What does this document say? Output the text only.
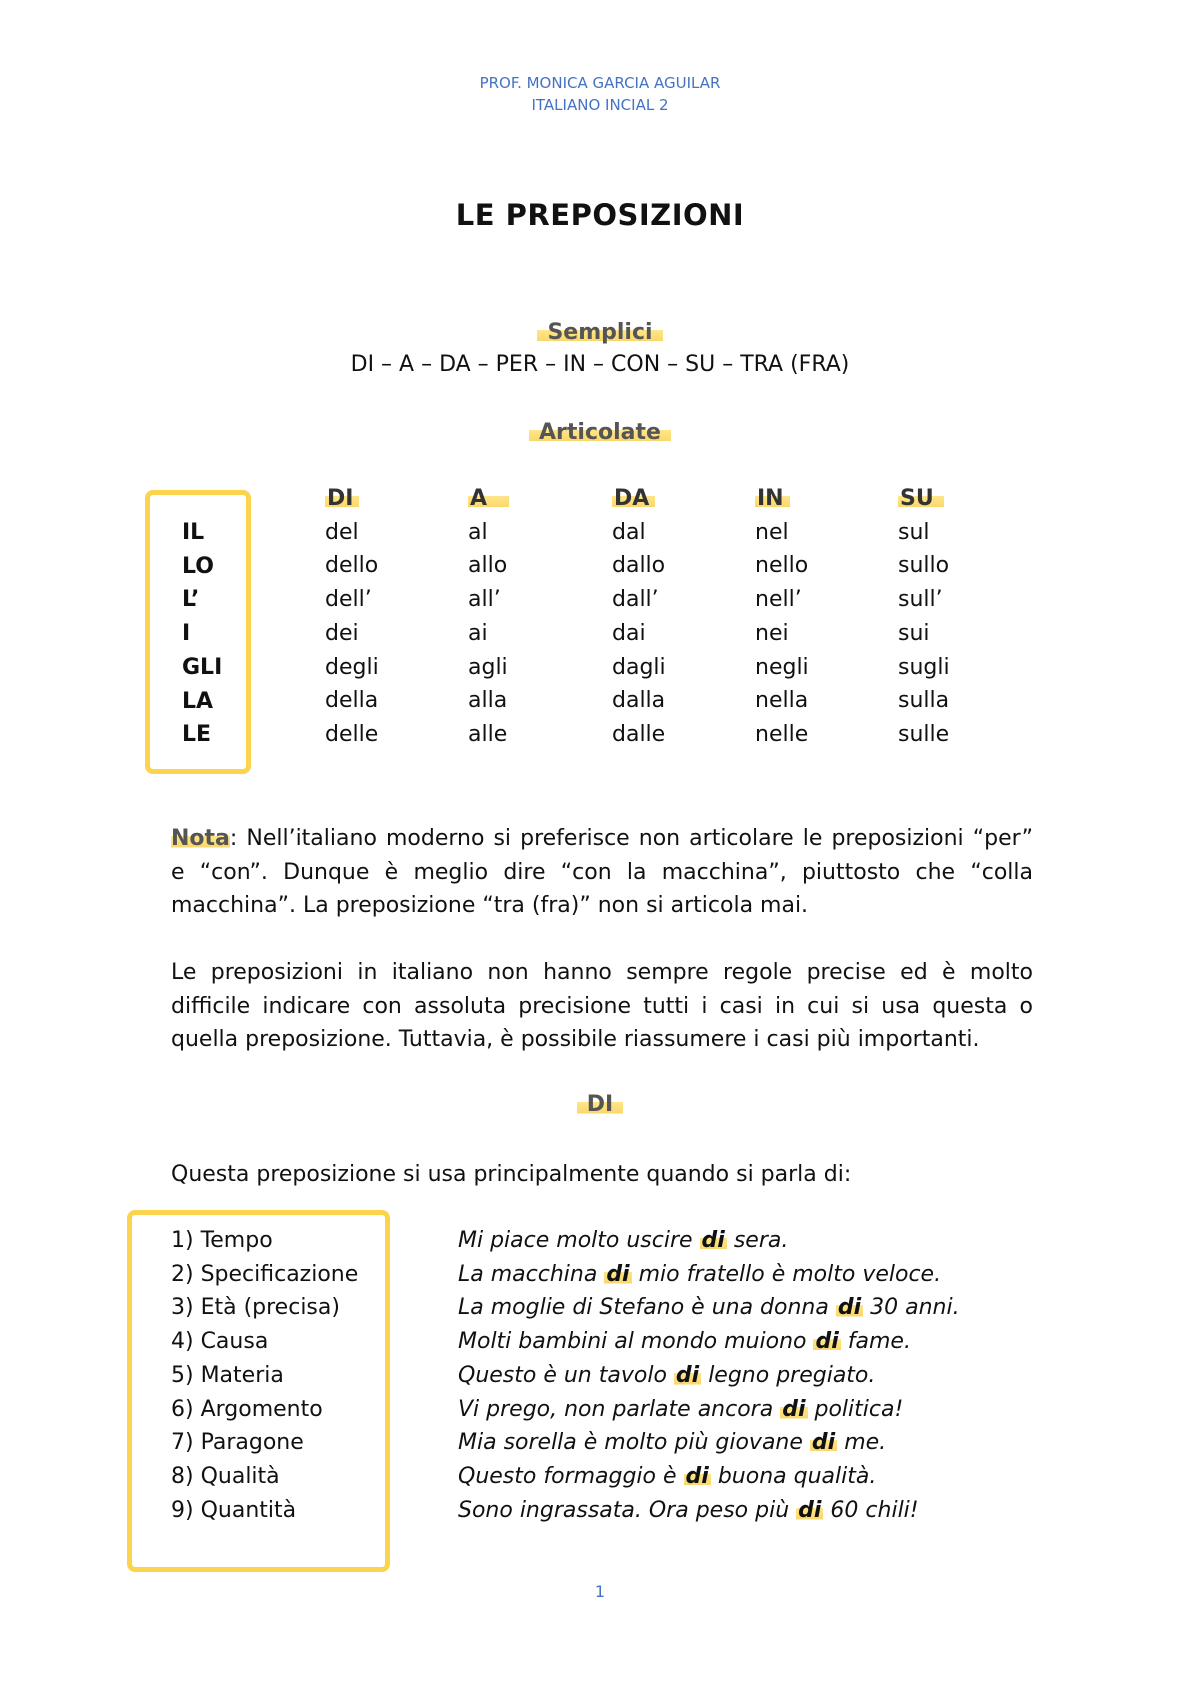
PROF. MONICA GARCIA AGUILAR
ITALIANO INCIAL 2
LE PREPOSIZIONI
Semplici
DI – A – DA – PER – IN – CON – SU – TRA (FRA)
Articolate
IL
LO
L’
I
GLI
LA
LE
DI
del
dello
dell’
dei
degli
della
delle
A
al
allo
all’
ai
agli
alla
alle
DA
dal
dallo
dall’
dai
dagli
dalla
dalle
IN
nel
nello
nell’
nei
negli
nella
nelle
SU
sul
sullo
sull’
sui
sugli
sulla
sulle
Nota: Nell’italiano moderno si preferisce non articolare le preposizioni “per” e “con”. Dunque è meglio dire “con la macchina”, piuttosto che “colla macchina”. La preposizione “tra (fra)” non si articola mai.
Le preposizioni in italiano non hanno sempre regole precise ed è molto difficile indicare con assoluta precisione tutti i casi in cui si usa questa o quella preposizione. Tuttavia, è possibile riassumere i casi più importanti.
DI
Questa preposizione si usa principalmente quando si parla di:
1) Tempo
2) Specificazione
3) Età (precisa)
4) Causa
5) Materia
6) Argomento
7) Paragone
8) Qualità
9) Quantità
Mi piace molto uscire di sera.
La macchina di mio fratello è molto veloce.
La moglie di Stefano è una donna di 30 anni.
Molti bambini al mondo muiono di fame.
Questo è un tavolo di legno pregiato.
Vi prego, non parlate ancora di politica!
Mia sorella è molto più giovane di me.
Questo formaggio è di buona qualità.
Sono ingrassata. Ora peso più di 60 chili!
1
